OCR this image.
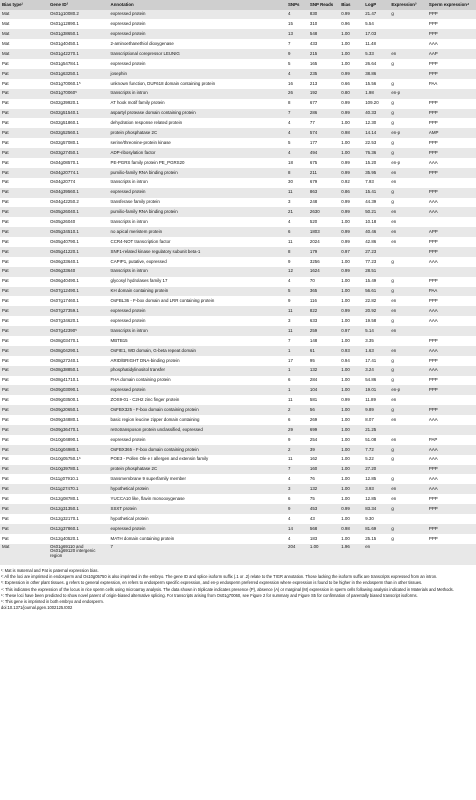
Bias type¹	Gene ID²	Annotation	SNPs	SNP Reads	Bias	LogP	Expression³	Sperm expression⁴
Mat	Os01g10080.2	expressed protein	4	830	0.99	21.47	g	PPP
Mat	Os01g12890.1	expressed protein	15	310	0.96	5.54		PPP
Mat	Os01g38650.1	expressed protein	13	548	1.00	17.03		PPP
Mat	Os01g40450.1	2-aminoethanethiol dioxygenase	7	433	1.00	11.48		AAA
Mat	Os01g42270.1	transcriptional corepressor LEUNIG	9	215	1.00	5.33	en	AAP
Pat	Os01g54784.1	expressed protein	5	165	1.00	26.64	g	PPP
Pat	Os01g63250.1	josephin	4	235	0.99	38.86		PPP
Pat	Os01g70060.1⁵	unknown function, DUF618 domain containing protein	16	213	0.66	15.56	g	PAA
Pat	Os01g70060⁵	transcripts in intron	26	192	0.80	1.98	en-p	
Pat	Os02g39920.1	AT hook motif family protein	8	677	0.99	109.20	g	PPP
Pat	Os02g51540.1	aspartyl protease domain containing protein	7	286	0.99	40.33	g	PPP
Pat	Os02g51860.1	dehydration response related protein	4	77	1.00	12.30	g	PPP
Pat	Os02g52560.1	protein phosphatase 2C	4	574	0.98	14.14	en-p	AMP
Pat	Os02g57080.1	serine/threonine-protein kinase	5	177	1.00	22.53	g	PPP
Pat	Os03g27450.1	ADP-ribosylation factor	4	494	1.00	76.36	g	PPP
Pat	Os04g08570.1	PE-PGRS family protein PE_PGRS20	18	675	0.99	15.20	en-p	AAA
Pat	Os04g20774.1	pumilio-family RNA binding protein	8	211	0.99	35.95	en	PPP
Pat	Os04g20774	transcripts in intron	30	679	0.92	7.93	en	
Pat	Os04g39560.1	expressed protein	11	863	0.86	15.41	g	PPP
Pat	Os04g42250.2	transferase family protein	3	248	0.99	44.39	g	AAA
Pat	Os05g26040.1	pumilio-family RNA binding protein	21	2630	0.99	50.21	en	AAA
Pat	Os05g26040	transcripts in intron	4	520	1.00	10.18	en	
Pat	Os05g34510.1	no apical meristem protein	6	1803	0.99	40.46	en	APP
Pat	Os05g40790.1	CCR4-NOT transcription factor	11	2024	0.99	42.86	en	PPP
Pat	Os05g41220.1	SNF1-related kinase regulatory subunit beta-1	8	179	0.97	27.23		PPP
Pat	Os06g33640.1	CAPIP1, putative, expressed	9	3256	1.00	77.23	g	AAA
Pat	Os06g33640	transcripts in intron	12	1624	0.99	28.51		
Pat	Os06g40490.1	glycosyl hydrolases family 17	4	70	1.00	15.49	g	PPP
Pat	Os07g12490.1	KH domain containing protein	5	365	1.00	56.61	g	PAA
Pat	Os07g17460.1	OsFBL36 - F-box domain and LRR containing protein	9	116	1.00	22.82	en	PPP
Pat	Os07g27359.1	expressed protein	11	822	0.99	20.92	en	AAA
Pat	Os07g34620.1	expressed protein	3	633	1.00	19.58	g	AAA
Pat	Os07g42390⁵	transcripts in intron	11	259	0.97	5.14	en	
Pat	Os08g03470.1	MBTB15	7	148	1.00	3.35		PPP
Pat	Os08g04290.1	OsFIE1, WD domain, G-beta repeat domain	1	61	0.93	1.63	en	AAA
Pat	Os08g27240.1	ARID/BRIGHT DNA-binding protein	17	95	0.94	17.41	g	PPP
Pat	Os08g38850.1	phosphatidylinositol transfer	1	132	1.00	3.24	g	AAA
Pat	Os08g41710.1	FHA domain containing protein	6	284	1.00	54.86	g	PPP
Pat	Os09g03090.1	expressed protein	1	104	1.00	19.01	en-p	PPP
Pat	Os09g03500.1	ZOS9-01 - C2H2 zinc finger protein	11	581	0.99	11.89	en	
Pat	Os09g20650.1	OsFBX325 - F-box domain containing protein	2	56	1.00	9.89	g	PPP
Pat	Os09g34880.1	basic region leucine zipper domain containing	6	269	1.00	8.07	en	AAA
Pat	Os09g36470.1	retrotransposon protein unclassified, expressed	29	699	1.00	21.25		
Pat	Os10g04890.1	expressed protein	9	254	1.00	51.08	en	PAP
Pat	Os10g04980.1	OsFBX365 - F-box domain containing protein	2	39	1.00	7.72	g	AAA
Pat	Os10g05750.1⁶	POE3 - Pollen Ole e I allergen and extensin family	11	162	1.00	5.22	g	AAA
Pat	Os10g39780.1	protein phosphatase 2C	7	160	1.00	27.20		PPP
Pat	Os11g07910.1	transmembrane 9 superfamily member	4	76	1.00	12.85	g	AAA
Pat	Os11g27470.1	hypothetical protein	3	132	1.00	3.93	en	AAA
Pat	Os12g08780.1	YUCCA10 like, flavin monooxygenase	6	75	1.00	12.85	en	PPP
Pat	Os12g31350.1	SSXT protein	9	453	0.99	83.34	g	PPP
Pat	Os12g32170.1	hypothetical protein	4	43	1.00	9.30		
Pat	Os12g37860.1	expressed protein	14	568	0.98	81.69	g	PPP
Pat	Os12g40520.1	MATH domain containing protein	4	183	1.00	25.15	g	PPP
Mat	Os01g69110 and Os01g69120 intergenic region	7	204	1.00	1.96	en		
¹: Mat is maternal and Pat is paternal expression bias.
²: All the loci are imprinted in endosperm and Os10g05750 is also imprinted in the embryo. The gene ID and splice isoform suffix (.1 or .2) relate to the TIGR annotation. Those lacking the isoform suffix are transcripts expressed from an intron.
³: Expression in other plant tissues. g refers to general expression, en refers to endosperm specific expression, and en-p endosperm preferred expression where expression is found to be higher in the endosperm than in other tissues.
⁴: This indicates the expression of the locus in rice sperm cells using microarray analysis. The data shown in triplicate indicates presence (P), absence (A) or marginal (M) expression in sperm cells following analysis indicated in Materials and Methods.
⁵: These loci have been predicted to show novel parent of origin-biased alternative splicing. For transcripts arising from Os01g70060, see Figure 2 for summary and Figure S5 for confirmation of parentally biased transcript isoforms.
⁶: This gene is imprinted in both embryo and endosperm.
doi:10.1371/journal.pgen.1002125.t002
